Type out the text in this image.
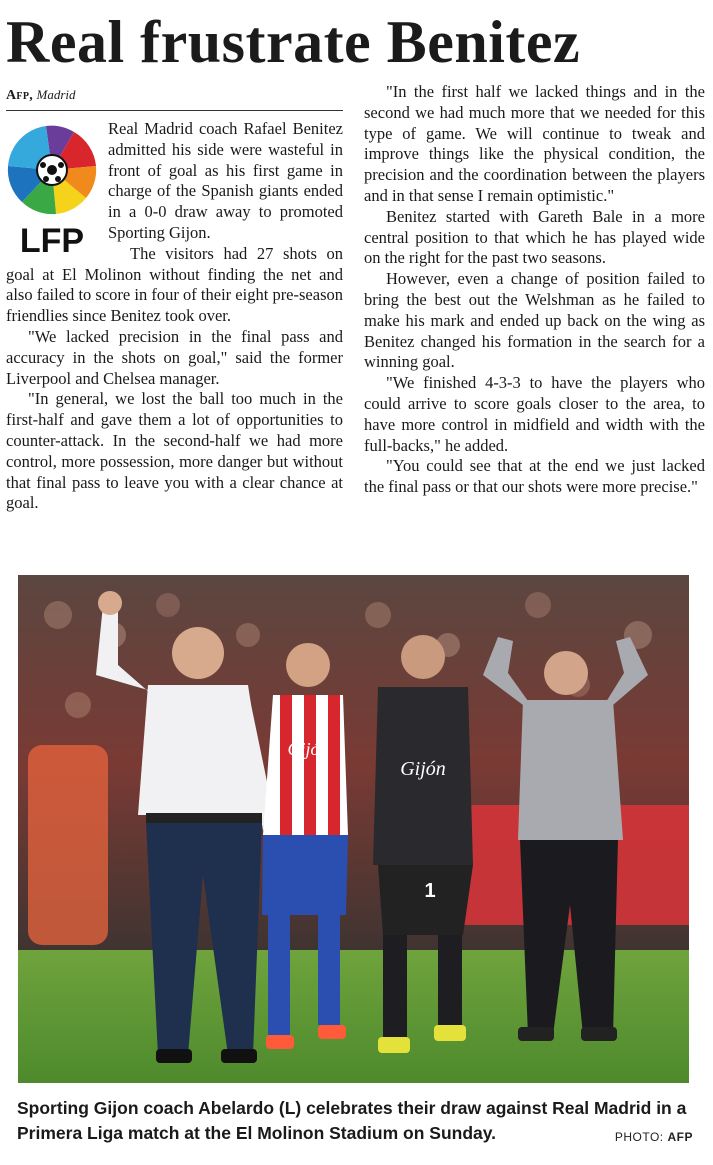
Real frustrate Benitez
Afp, Madrid
LFP

Real Madrid coach Rafael Benitez admitted his side were wasteful in front of goal as his first game in charge of the Spanish giants ended in a 0-0 draw away to promoted Sporting Gijon.

The visitors had 27 shots on goal at El Molinon without finding the net and also failed to score in four of their eight pre-season friendlies since Benitez took over.

"We lacked precision in the final pass and accuracy in the shots on goal," said the former Liverpool and Chelsea manager.

"In general, we lost the ball too much in the first-half and gave them a lot of opportunities to counter-attack. In the second-half we had more control, more possession, more danger but without that final pass to leave you with a clear chance at goal.

"In the first half we lacked things and in the second we had much more that we needed for this type of game. We will continue to tweak and improve things like the physical condition, the precision and the coordination between the players and in that sense I remain optimistic."

Benitez started with Gareth Bale in a more central position to that which he has played wide on the right for the past two seasons.

However, even a change of position failed to bring the best out the Welshman as he failed to make his mark and ended up back on the wing as Benitez changed his formation in the search for a winning goal.

"We finished 4-3-3 to have the players who could arrive to score goals closer to the area, to have more control in midfield and width with the full-backs," he added.

"You could see that at the end we just lacked the final pass or that our shots were more precise."

Gijón
Gijón
1
Sporting Gijon coach Abelardo (L) celebrates their draw against Real Madrid in a Primera Liga match at the El Molinon Stadium on Sunday.	PHOTO: AFP
